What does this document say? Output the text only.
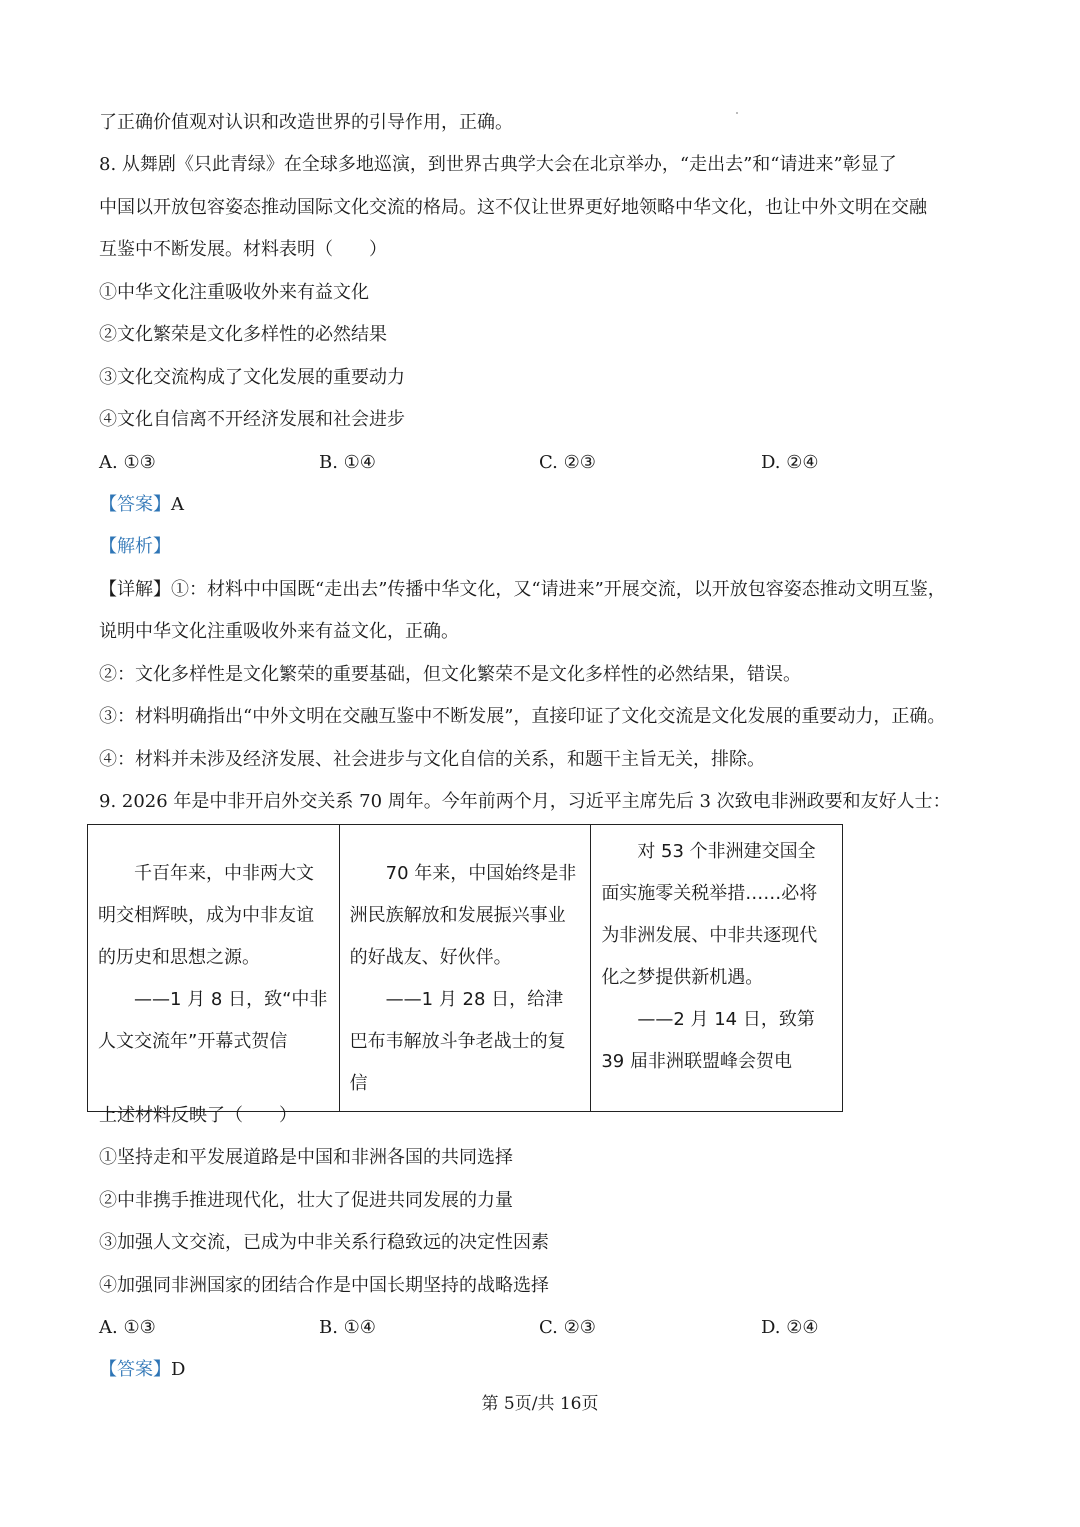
了正确价值观对认识和改造世界的引导作用，正确。
8. 从舞剧《只此青绿》在全球多地巡演，到世界古典学大会在北京举办，“走出去”和“请进来”彰显了
中国以开放包容姿态推动国际文化交流的格局。这不仅让世界更好地领略中华文化，也让中外文明在交融
互鉴中不断发展。材料表明（　　）
①中华文化注重吸收外来有益文化
②文化繁荣是文化多样性的必然结果
③文化交流构成了文化发展的重要动力
④文化自信离不开经济发展和社会进步
A. ①③	B. ①④	C. ②③	D. ②④
【答案】A
【解析】
【详解】①：材料中中国既“走出去”传播中华文化，又“请进来”开展交流，以开放包容姿态推动文明互鉴，
说明中华文化注重吸收外来有益文化，正确。
②：文化多样性是文化繁荣的重要基础，但文化繁荣不是文化多样性的必然结果，错误。
③：材料明确指出“中外文明在交融互鉴中不断发展”，直接印证了文化交流是文化发展的重要动力，正确。
④：材料并未涉及经济发展、社会进步与文化自信的关系，和题干主旨无关，排除。
9. 2026 年是中非开启外交关系 70 周年。今年前两个月，习近平主席先后 3 次致电非洲政要和友好人士：
千百年来，中非两大文明交相辉映，成为中非友谊的历史和思想之源。
——1 月 8 日，致“中非人文交流年”开幕式贺信

70 年来，中国始终是非洲民族解放和发展振兴事业的好战友、好伙伴。
——1 月 28 日，给津巴布韦解放斗争老战士的复信

对 53 个非洲建交国全面实施零关税举措……必将为非洲发展、中非共逐现代化之梦提供新机遇。
——2 月 14 日，致第 39 届非洲联盟峰会贺电
上述材料反映了（　　）
①坚持走和平发展道路是中国和非洲各国的共同选择
②中非携手推进现代化，壮大了促进共同发展的力量
③加强人文交流，已成为中非关系行稳致远的决定性因素
④加强同非洲国家的团结合作是中国长期坚持的战略选择
A. ①③	B. ①④	C. ②③	D. ②④
【答案】D
第 5页/共 16页
